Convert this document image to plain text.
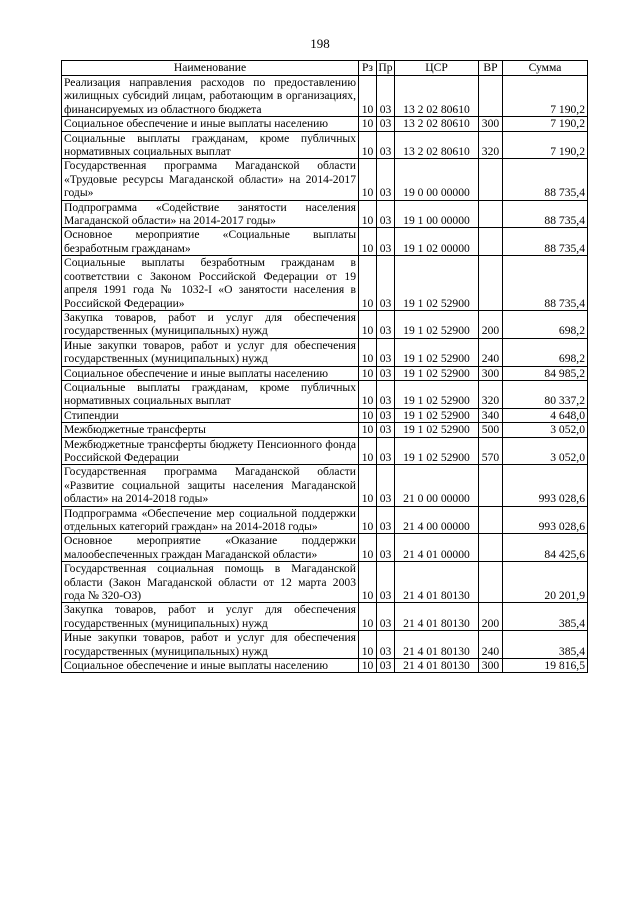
198
Наименование	Рз	Пр	ЦСР	ВР	Сумма
Реализация направления расходов по предоставлению жилищных субсидий лицам, работающим в организациях, финансируемых из областного бюджета	10	03	13 2 02 80610		7 190,2
Социальное обеспечение и иные выплаты населению	10	03	13 2 02 80610	300	7 190,2
Социальные выплаты гражданам, кроме публичных нормативных социальных выплат	10	03	13 2 02 80610	320	7 190,2
Государственная программа Магаданской области «Трудовые ресурсы Магаданской области» на 2014-2017 годы»	10	03	19 0 00 00000		88 735,4
Подпрограмма «Содействие занятости населения Магаданской области» на 2014-2017 годы»	10	03	19 1 00 00000		88 735,4
Основное мероприятие «Социальные выплаты безработным гражданам»	10	03	19 1 02 00000		88 735,4
Социальные выплаты безработным гражданам в соответствии с Законом Российской Федерации от 19 апреля 1991 года № 1032-I «О занятости населения в Российской Федерации»	10	03	19 1 02 52900		88 735,4
Закупка товаров, работ и услуг для обеспечения государственных (муниципальных) нужд	10	03	19 1 02 52900	200	698,2
Иные закупки товаров, работ и услуг для обеспечения государственных (муниципальных) нужд	10	03	19 1 02 52900	240	698,2
Социальное обеспечение и иные выплаты населению	10	03	19 1 02 52900	300	84 985,2
Социальные выплаты гражданам, кроме публичных нормативных социальных выплат	10	03	19 1 02 52900	320	80 337,2
Стипендии	10	03	19 1 02 52900	340	4 648,0
Межбюджетные трансферты	10	03	19 1 02 52900	500	3 052,0
Межбюджетные трансферты бюджету Пенсионного фонда Российской Федерации	10	03	19 1 02 52900	570	3 052,0
Государственная программа Магаданской области «Развитие социальной защиты населения Магаданской области» на 2014-2018 годы»	10	03	21 0 00 00000		993 028,6
Подпрограмма «Обеспечение мер социальной поддержки отдельных категорий граждан» на 2014-2018 годы»	10	03	21 4 00 00000		993 028,6
Основное мероприятие «Оказание поддержки малообеспеченных граждан Магаданской области»	10	03	21 4 01 00000		84 425,6
Государственная социальная помощь в Магаданской области (Закон Магаданской области от 12 марта 2003 года № 320-ОЗ)	10	03	21 4 01 80130		20 201,9
Закупка товаров, работ и услуг для обеспечения государственных (муниципальных) нужд	10	03	21 4 01 80130	200	385,4
Иные закупки товаров, работ и услуг для обеспечения государственных (муниципальных) нужд	10	03	21 4 01 80130	240	385,4
Социальное обеспечение и иные выплаты населению	10	03	21 4 01 80130	300	19 816,5
